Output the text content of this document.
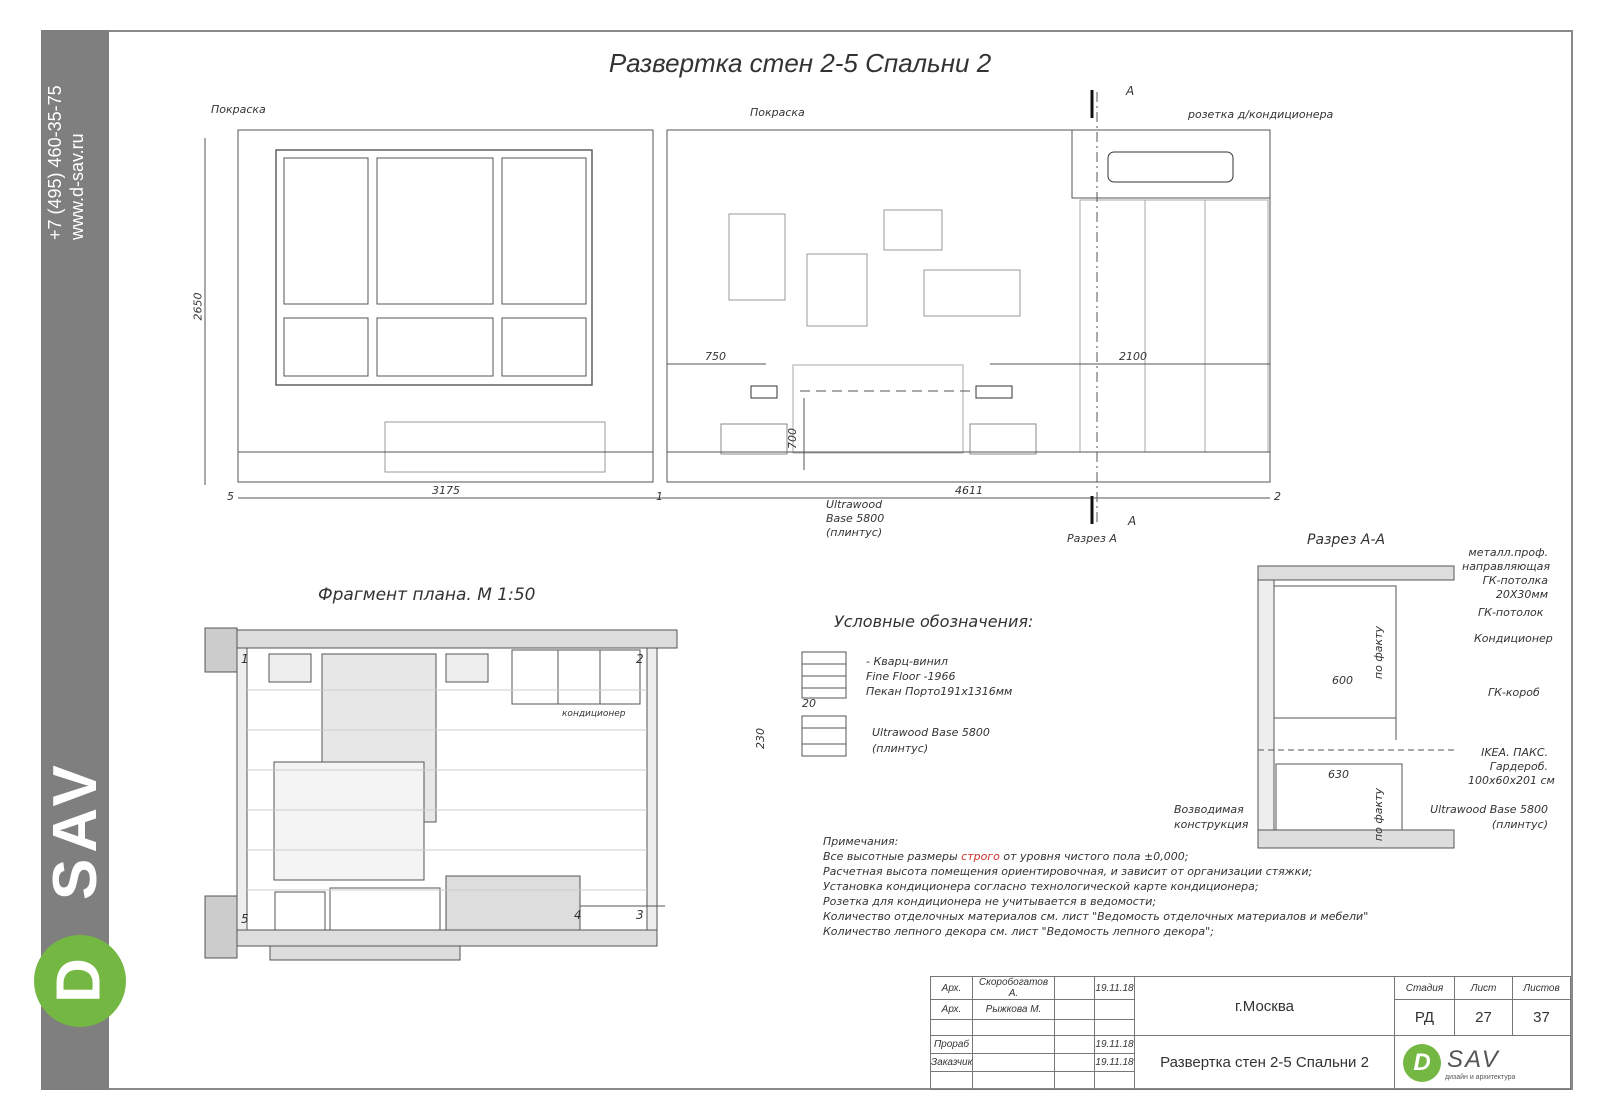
+7 (495) 460-35-75 www.d-sav.ru
SAV
D
Развертка стен 2-5 Спальни 2
Покраска	Покраска	розетка д/кондиционера
А
А
Разрез А
2650
3175	4611
750	2100
700
5	1	2
Ultrawood
Base 5800
(плинтус)
Фрагмент плана. М 1:50
кондиционер
1	2
3
4
5
Условные обозначения:
- Кварц-винил
Fine Floor -1966
Пекан Порто191x1316мм
Ultrawood Base 5800
(плинтус)
20
230
Разрез А-А
металл.проф.
направляющая
ГК-потолка
20X30мм
ГК-потолок
Кондиционер
ГК-короб
IKEA. ПАКС.
Гардероб.
100x60x201 см
Ultrawood Base 5800
(плинтус)
Возводимая
конструкция
по факту
по факту
600
630
Примечания:
Все высотные размеры строго от уровня чистого пола ±0,000;
Расчетная высота помещения ориентировочная, и зависит от организации стяжки;
Установка кондиционера согласно технологической карте кондиционера;
Розетка для кондиционера не учитывается в ведомости;
Количество отделочных материалов см. лист "Ведомость отделочных материалов и мебели"
Количество лепного декора см. лист "Ведомость лепного декора";
Арх.	Скоробогатов А.		19.11.18	г.Москва	Стадия	Лист	Листов
Арх.	Рыжкова М.				РД	27	37

Прораб			19.11.18	Развертка стен 2-5 Спальни 2	D SAV
дизайн и архитектура		

Заказчик			19.11.18				
